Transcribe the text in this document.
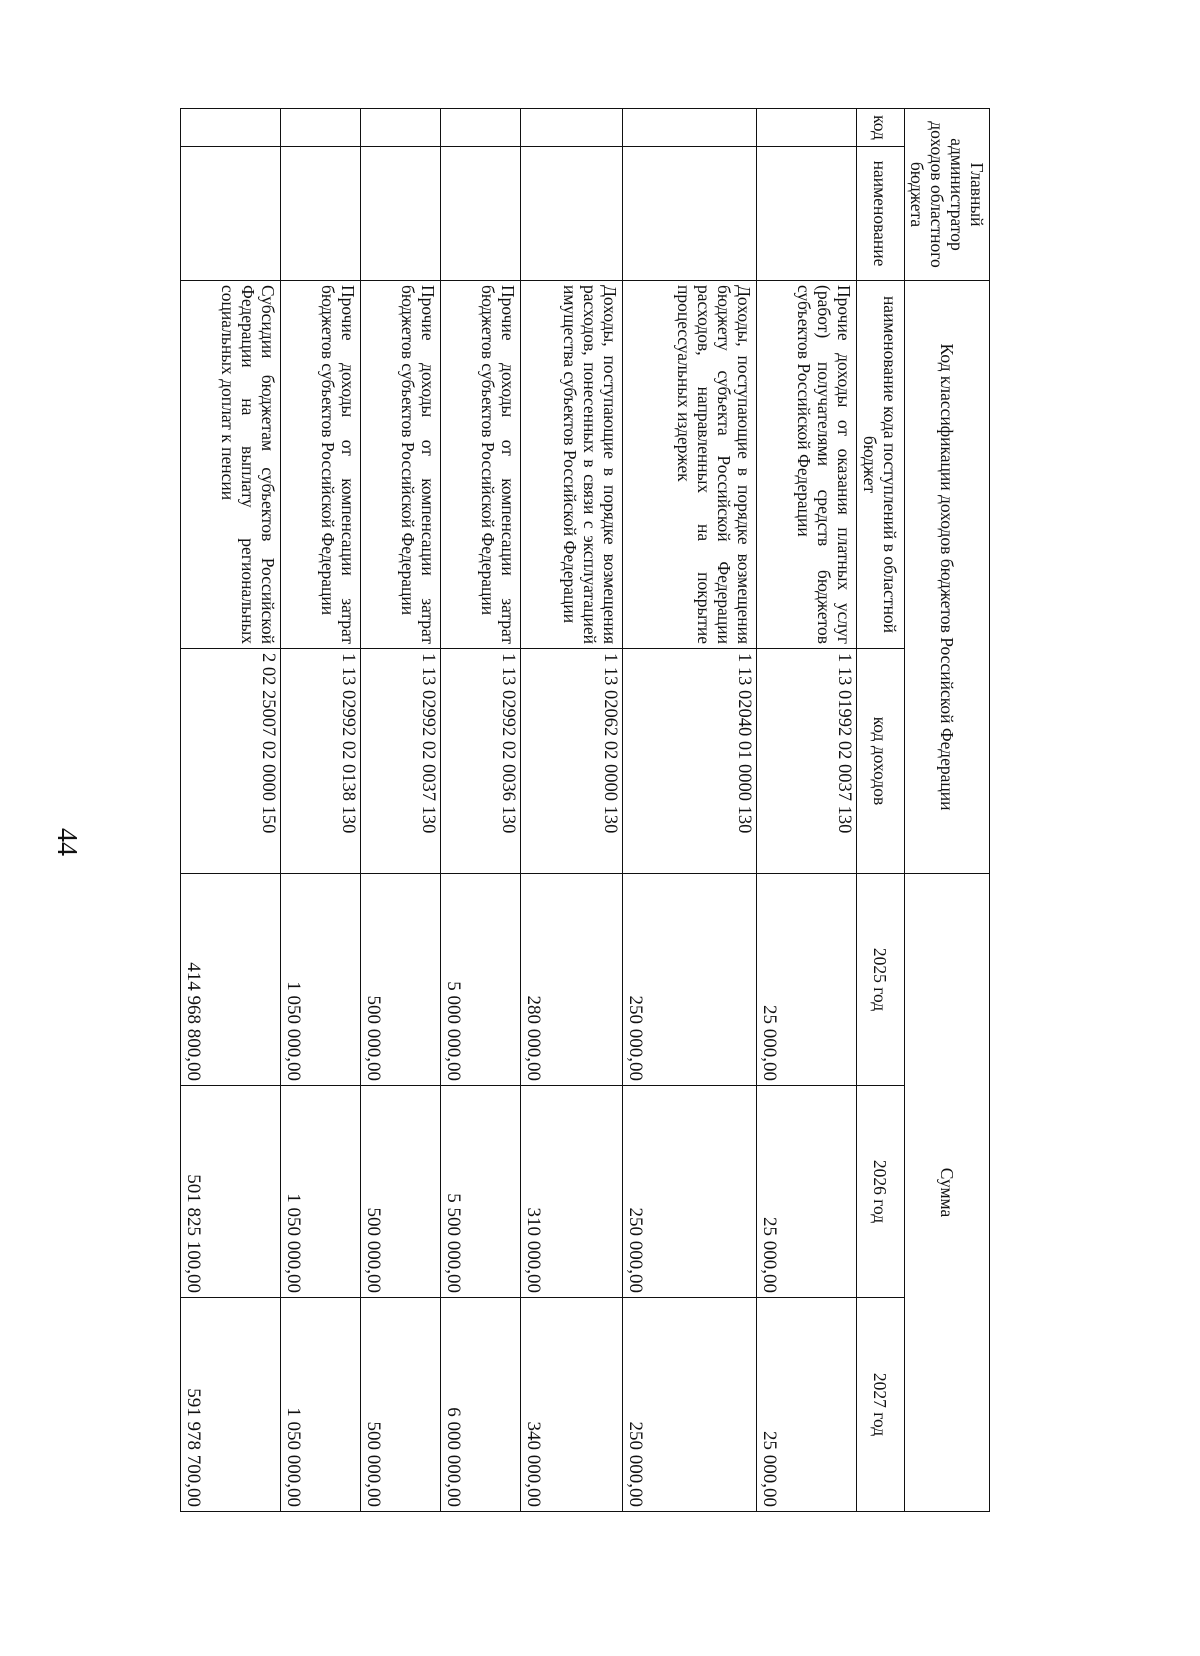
44
Главный администратор доходов областного бюджета		Код классификации доходов бюджетов Российской Федерации		Сумма		
код	наименование	наименование кода поступлений в областной бюджет	код доходов	2025 год	2026 год	2027 год
		Прочие доходы от оказания платных услуг (работ) получателями средств бюджетов субъектов Российской Федерации	1 13 01992 02 0037 130	25 000,00	25 000,00	25 000,00
		Доходы, поступающие в порядке возмещения бюджету субъекта Российской Федерации расходов, направленных на покрытие процессуальных издержек	1 13 02040 01 0000 130	250 000,00	250 000,00	250 000,00
		Доходы, поступающие в порядке возмещения расходов, понесенных в связи с эксплуатацией имущества субъектов Российской Федерации	1 13 02062 02 0000 130	280 000,00	310 000,00	340 000,00
		Прочие доходы от компенсации затрат бюджетов субъектов Российской Федерации	1 13 02992 02 0036 130	5 000 000,00	5 500 000,00	6 000 000,00
		Прочие доходы от компенсации затрат бюджетов субъектов Российской Федерации	1 13 02992 02 0037 130	500 000,00	500 000,00	500 000,00
		Прочие доходы от компенсации затрат бюджетов субъектов Российской Федерации	1 13 02992 02 0138 130	1 050 000,00	1 050 000,00	1 050 000,00
		Субсидии бюджетам субъектов Российской Федерации на выплату региональных социальных доплат к пенсии	2 02 25007 02 0000 150	414 968 800,00	501 825 100,00	591 978 700,00
